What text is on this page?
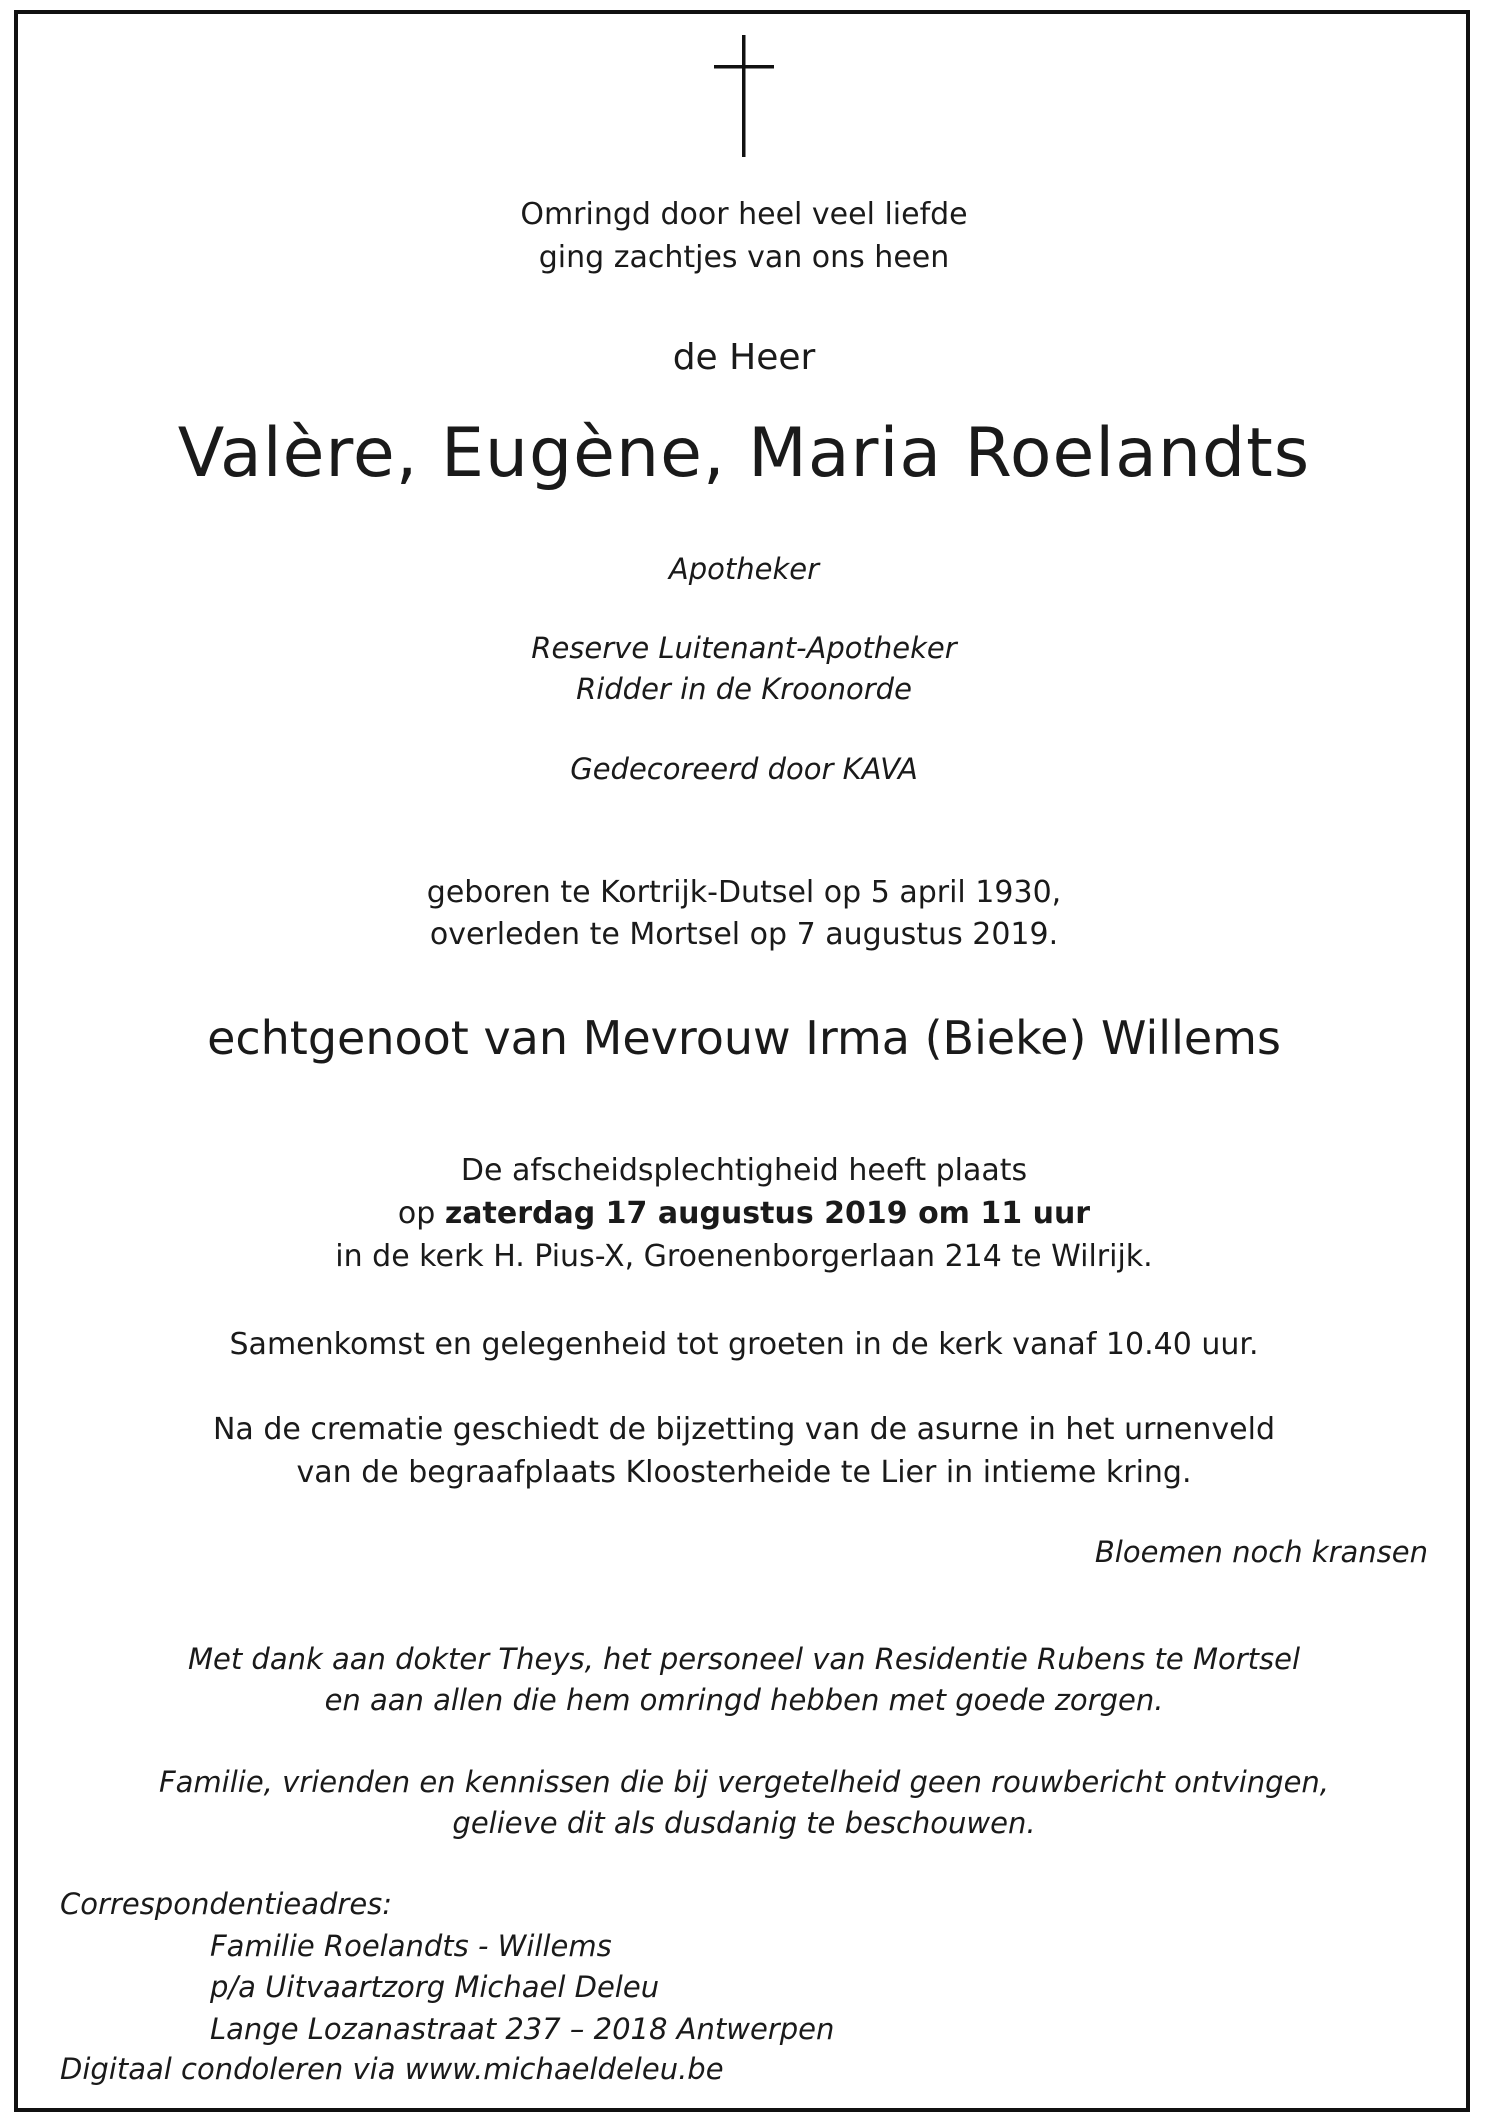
Omringd door heel veel liefde
ging zachtjes van ons heen
de Heer
Valère, Eugène, Maria Roelandts
Apotheker
Reserve Luitenant-Apotheker
Ridder in de Kroonorde
Gedecoreerd door KAVA
geboren te Kortrijk-Dutsel op 5 april 1930,
overleden te Mortsel op 7 augustus 2019.
echtgenoot van Mevrouw Irma (Bieke) Willems
De afscheidsplechtigheid heeft plaats
op zaterdag 17 augustus 2019 om 11 uur
in de kerk H. Pius-X, Groenenborgerlaan 214 te Wilrijk.
Samenkomst en gelegenheid tot groeten in de kerk vanaf 10.40 uur.
Na de crematie geschiedt de bijzetting van de asurne in het urnenveld
van de begraafplaats Kloosterheide te Lier in intieme kring.
Bloemen noch kransen
Met dank aan dokter Theys, het personeel van Residentie Rubens te Mortsel
en aan allen die hem omringd hebben met goede zorgen.
Familie, vrienden en kennissen die bij vergetelheid geen rouwbericht ontvingen,
gelieve dit als dusdanig te beschouwen.
Correspondentieadres:
Familie Roelandts - Willems
p/a Uitvaartzorg Michael Deleu
Lange Lozanastraat 237 – 2018 Antwerpen
Digitaal condoleren via www.michaeldeleu.be
